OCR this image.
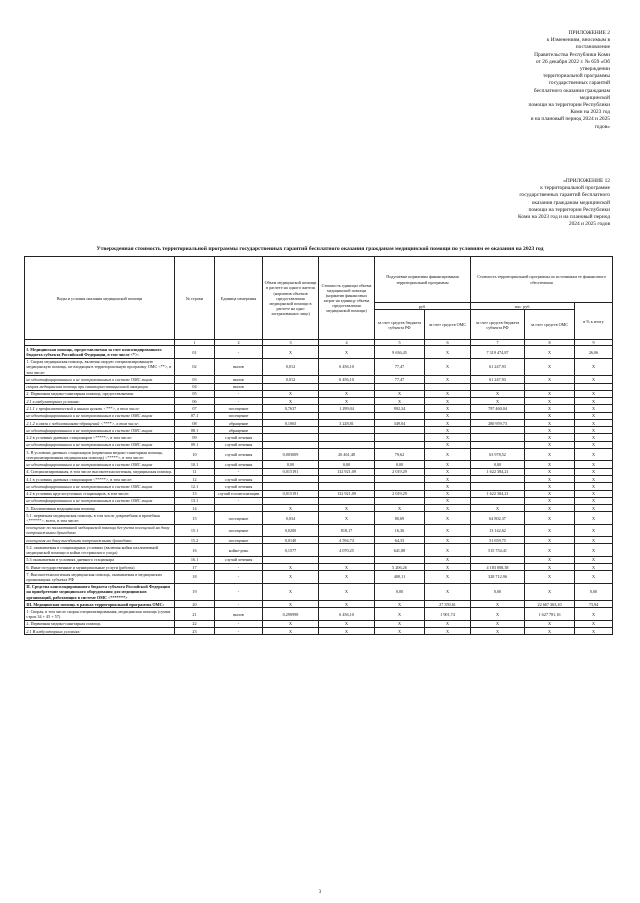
ПРИЛОЖЕНИЕ 2
к Изменениям, вносимым в
постановление
Правительства Республики Коми
от 26 декабря 2022 г. № 659 «Об
утверждении
территориальной программы
государственных гарантий
бесплатного оказания гражданам
медицинской
помощи на территории Республики
Коми на 2023 год
и на плановый период 2024 и 2025
годов»
«ПРИЛОЖЕНИЕ 12
к территориальной программе
государственных гарантий бесплатного
оказания гражданам медицинской
помощи на территории Республики
Коми на 2023 год и на плановый период
2024 и 2025 годов
Утвержденная стоимость территориальной программы государственных гарантий бесплатного оказания гражданам медицинской помощи по условиям ее оказания на 2023 год
Виды и условия оказания медицинской помощи	№ строки	Единица измерения	Объем медицинской помощи в расчете на одного жителя (норматив объемов предоставления медицинской помощи в расчете на одно застрахованное лицо)	Стоимость единицы объема медицинской помощи (норматив финансовых затрат на единицу объема предоставления медицинской помощи)	Подушевые нормативы финансирования территориальной программы		Стоимость территориальной программы по источникам ее финансового обеспечения		
					руб.		тыс. руб.		в % к итогу
					за счет средств бюджета субъекта РФ	за счет средств ОМС	за счет средств бюджета субъекта РФ	за счет средств ОМС	
	1	2	3	4	5	6	7	8	9
I. Медицинская помощь, предоставляемая за счет консолидированного бюджета субъекта Российской Федерации, в том числе <*>:	01	-	X	X	9 636,45	X	7 319 474,87	X	26,06
1. Скорая медицинская помощь, включая скорую специализированную медицинскую помощь, не входящая в территориальную программу ОМС <**>, в том числе:	02	вызов	0,012	6 456,10	77,47	X	61 247,93	X	X
не идентифицированным и не застрахованным в системе ОМС лицам	03	вызов	0,012	6 456,10	77,47	X	61 247,93	X	X
скорая медицинская помощь при санитарно-авиационной эвакуации	04	вызов							
2. Первичная медико-санитарная помощь, предоставляемая:	05	-	X	X	X	X	X	X	X
2.1 в амбулаторных условиях:	06	-	X	X	X	X	X	X	X
2.1.1 с профилактической и иными целями <***>, в том числе:	07	посещение	0,7637	1 299,04	992,34	X	797 460,04	X	X
не идентифицированным и не застрахованным в системе ОМС лицам	07.1	посещение				X		X	X
2.1.2 в связи с заболеваниями-обращений <****>, в том числе:	08	обращение	0,1063	3 228,81	349,04	X	280 959,73	X	X
не идентифицированным и не застрахованным в системе ОМС лицам	08.1	обращение				X		X	X
2.2 в условиях дневных стационаров <*****>, в том числе:	09	случай лечения				X		X	X
не идентифицированным и не застрахованным в системе ОМС лицам	09.1	случай лечения				X		X	X
3. В условиях дневных стационаров (первичная медико-санитарная помощь, специализированная медицинская помощь) <*****>, в том числе:	10	случай лечения	0,003009	26 461,48	79,62	X	63 978,52	X	X
не идентифицированным и не застрахованным в системе ОМС лицам	10.1	случай лечения	0,00	0,00	0,00	X	0,00	X	X
4. Специализированная, в том числе высокотехнологичная, медицинская помощь	11	-	0,015191	132 921,09	2 019,29	X	1 622 384,21	X	X
4.1 в условиях дневных стационаров <*****>, в том числе:	12	случай лечения				X		X	X
не идентифицированным и не застрахованным в системе ОМС лицам	12.1	случай лечения				X		X	X
4.2 в условиях круглосуточных стационаров, в том числе:	13	случай госпитализации	0,015191	132 921,09	2 019,29	X	1 622 384,21	X	X
не идентифицированным и не застрахованным в системе ОМС лицам	13.1	-				X		X	X
5. Паллиативная медицинская помощь	14		X	X	X	X	X	X	X
5.1. первичная медицинская помощь, в том числе доврачебная и врачебная <******>, всего, в том числе:	15	посещение	0,034	X	80,69	X	64 802,37	X	X
посещение по паллиативной медицинской помощи без учета посещений на дому патронажными бригадами	15.1	посещение	0,0200	818,17	16,36	X	13 142,62	X	X
посещения на дому выездными патронажными бригадами	15.2	посещение	0,0140	4 594,74	64,33	X	51 659,75	X	X
5.2. оказываемая в стационарных условиях (включая койки паллиативной медицинской помощи и койки сестринского ухода)	16	койко-день	0,1577	4 070,25	641,88	X	515 754,41	X	X
5.3 оказываемая в условиях дневного стационара	16.1	случай лечения				X		X	X
6. Иные государственные и муниципальные услуги (работы)	17	-	X	X	5 206,26	X	4 183 008,38	X	X
7. Высокотехнологичная медицинская помощь, оказываемая в медицинских организациях субъекта РФ	18	-	X	X	400,11	X	328 712,96	X	X
II. Средства консолидированного бюджета субъекта Российской Федерации на приобретение медицинского оборудования для медицинских организаций, работающих в системе ОМС <*******>	19	-	X	X	0,00	X	0,00	X	0,00
III. Медицинская помощь в рамках территориальной программы ОМС:	20	-	X	X	X	27 359,61	X	22 667 363,10	73,94
1. Скорая, в том числе скорая специализированная, медицинская помощь (сумма строк 34 + 45 + 57)	21	вызов	0,290998	6 456,10	X	1 901,74	X	1 627 781,16	X
2. Первичная медико-санитарная помощь	22	-	X	X	X	X	X	X	X
2.1 В амбулаторных условиях:	23	-	X	X	X	X	X	X	X
3
